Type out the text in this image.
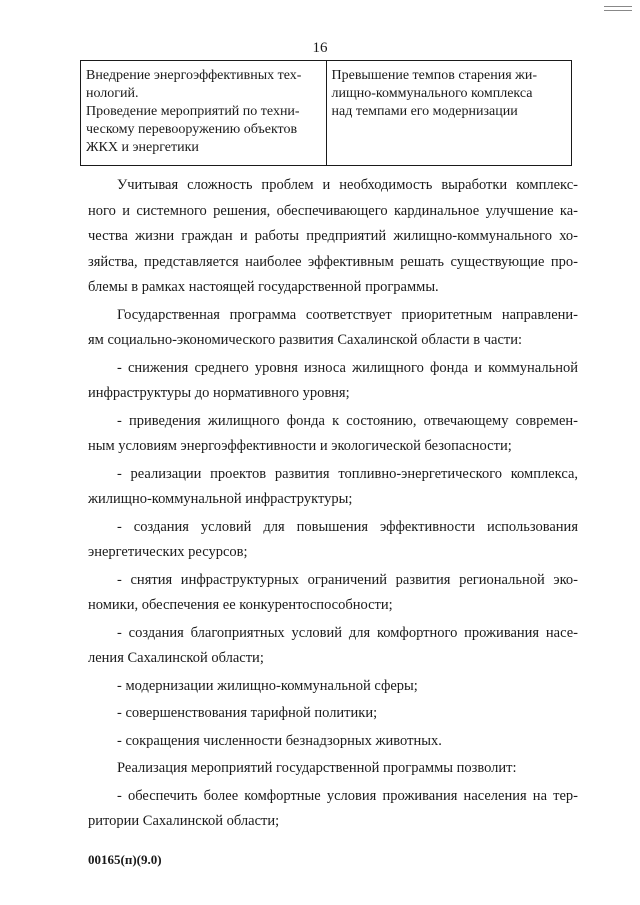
16
Внедрение энергоэффективных тех-
нологий.
Проведение мероприятий по техни-
ческому перевооружению объектов
ЖКХ и энергетики

Превышение темпов старения жи-
лищно-коммунального комплекса
над темпами его модернизации
Учитывая сложность проблем и необходимость выработки комплекс-
ного и системного решения, обеспечивающего кардинальное улучшение ка-
чества жизни граждан и работы предприятий жилищно-коммунального хо-
зяйства, представляется наиболее эффективным решать существующие про-
блемы в рамках настоящей государственной программы.
Государственная программа соответствует приоритетным направлени-
ям социально-экономического развития Сахалинской области в части:
- снижения среднего уровня износа жилищного фонда и коммунальной
инфраструктуры до нормативного уровня;
- приведения жилищного фонда к состоянию, отвечающему современ-
ным условиям энергоэффективности и экологической безопасности;
- реализации проектов развития топливно-энергетического комплекса,
жилищно-коммунальной инфраструктуры;
- создания условий для повышения эффективности использования
энергетических ресурсов;
- снятия инфраструктурных ограничений развития региональной эко-
номики, обеспечения ее конкурентоспособности;
- создания благоприятных условий для комфортного проживания насе-
ления Сахалинской области;
- модернизации жилищно-коммунальной сферы;
- совершенствования тарифной политики;
- сокращения численности безнадзорных животных.
Реализация мероприятий государственной программы позволит:
- обеспечить более комфортные условия проживания населения на тер-
ритории Сахалинской области;
00165(п)(9.0)
